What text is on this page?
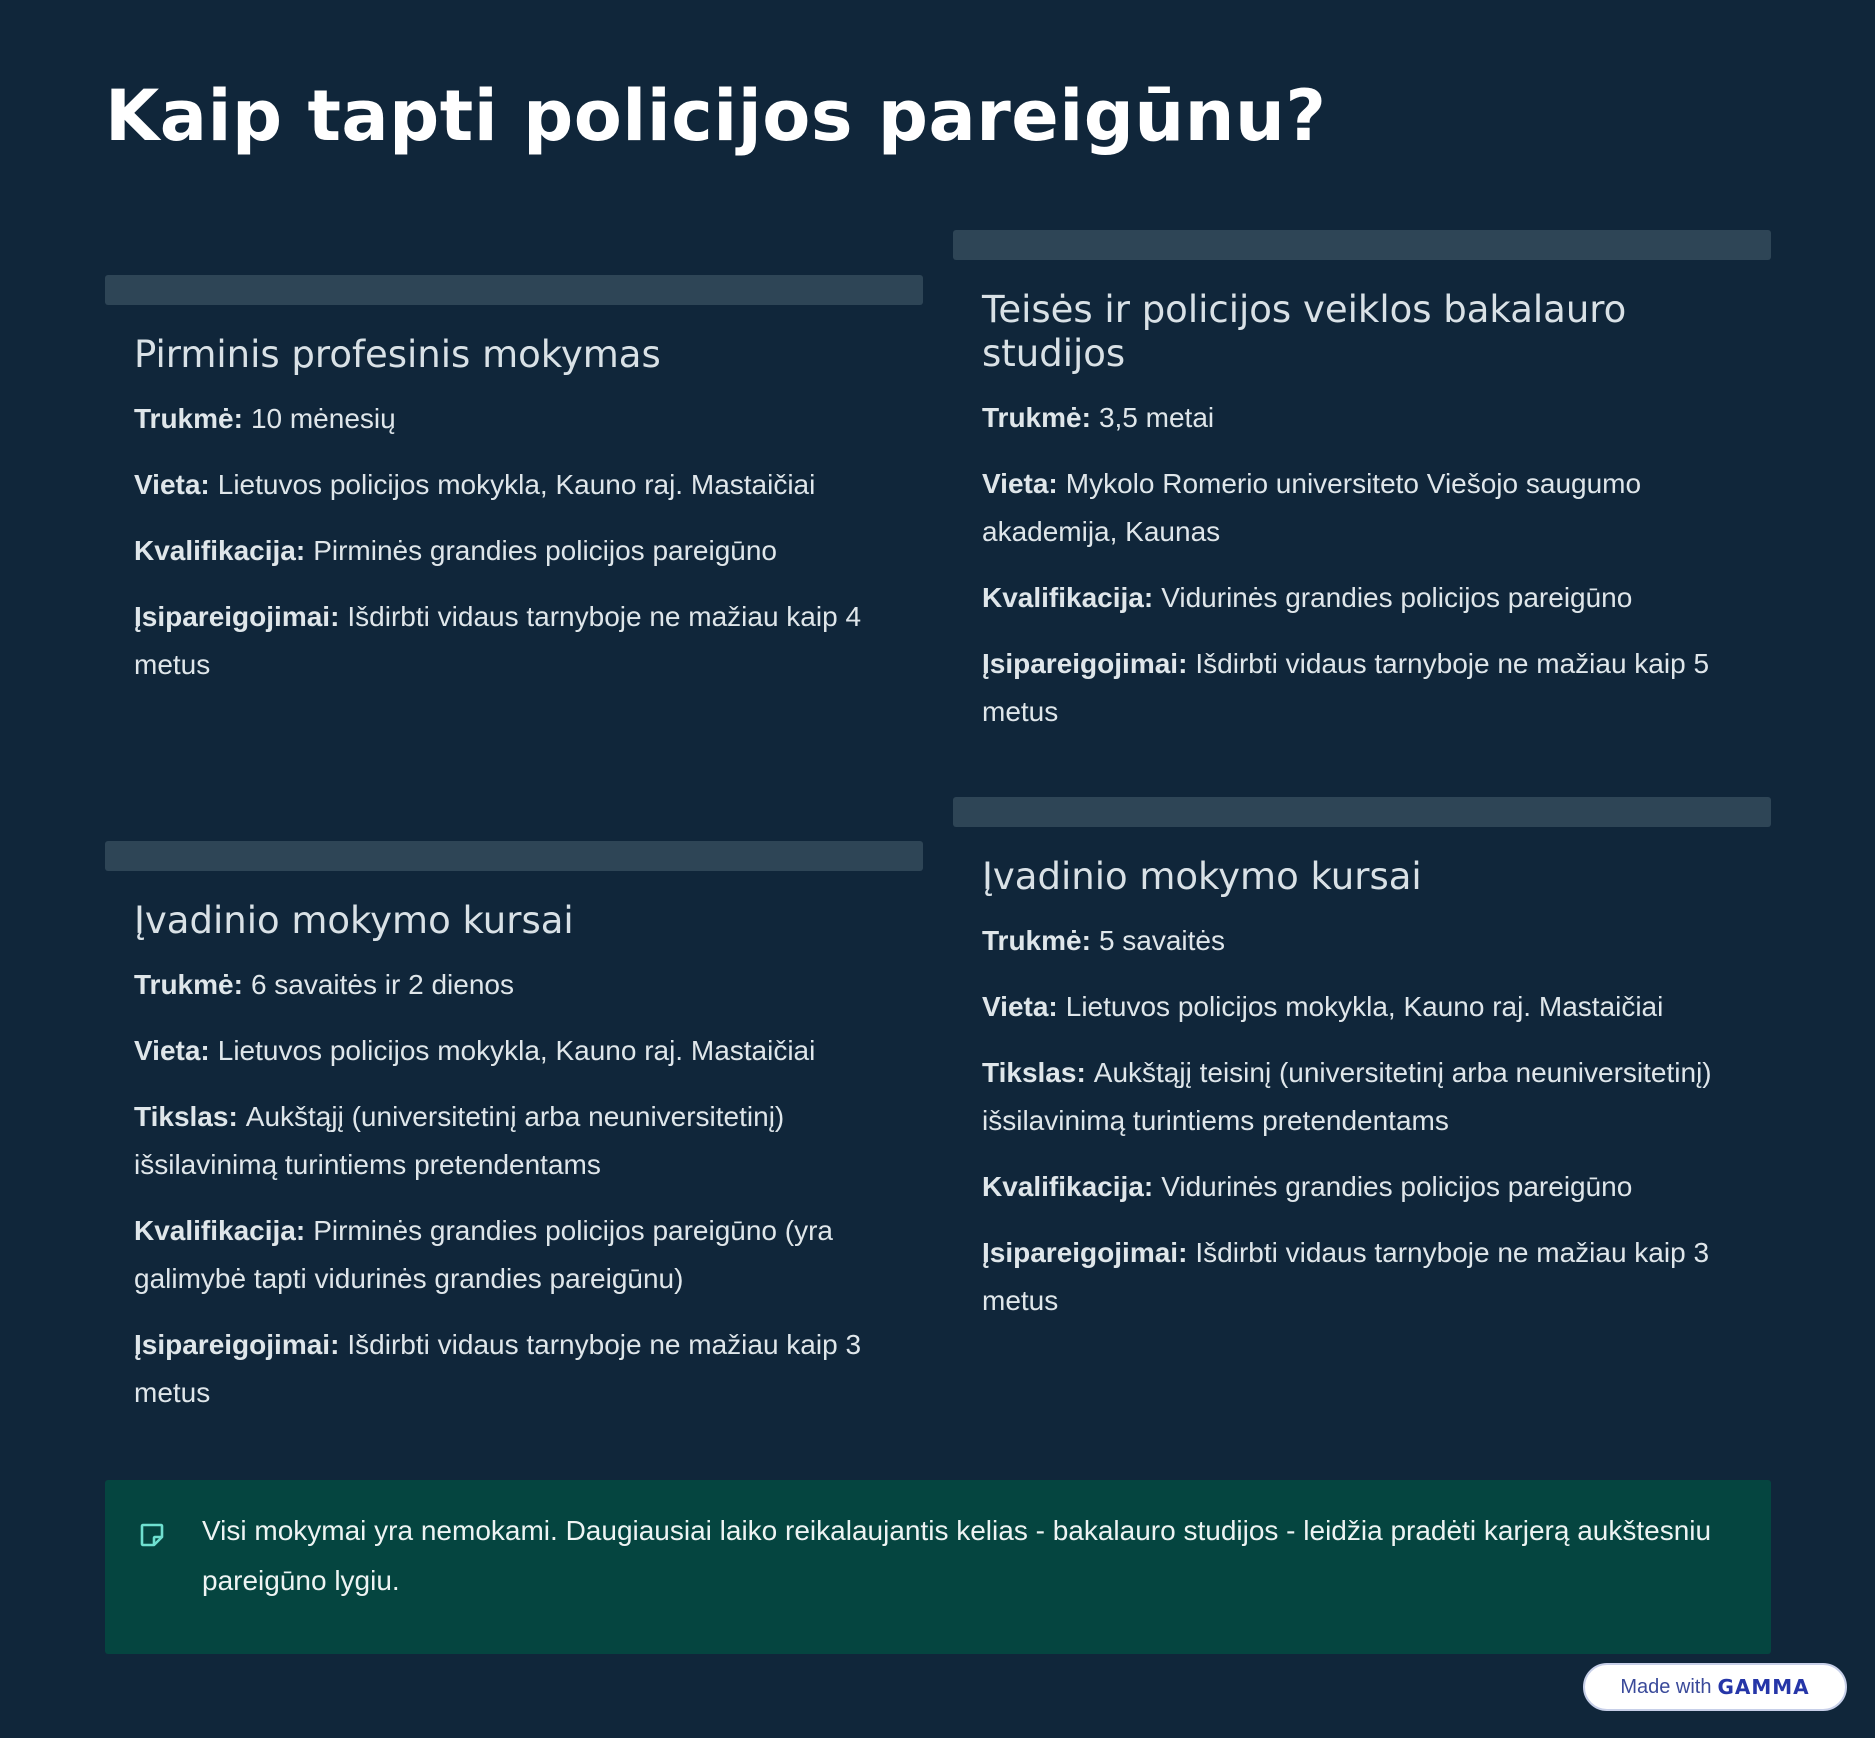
Kaip tapti policijos pareigūnu?
Pirminis profesinis mokymas

Trukmė: 10 mėnesių

Vieta: Lietuvos policijos mokykla, Kauno raj. Mastaičiai

Kvalifikacija: Pirminės grandies policijos pareigūno

Įsipareigojimai: Išdirbti vidaus tarnyboje ne mažiau kaip 4 metus

Teisės ir policijos veiklos bakalauro studijos

Trukmė: 3,5 metai

Vieta: Mykolo Romerio universiteto Viešojo saugumo akademija, Kaunas

Kvalifikacija: Vidurinės grandies policijos pareigūno

Įsipareigojimai: Išdirbti vidaus tarnyboje ne mažiau kaip 5 metus

Įvadinio mokymo kursai

Trukmė: 6 savaitės ir 2 dienos

Vieta: Lietuvos policijos mokykla, Kauno raj. Mastaičiai

Tikslas: Aukštąjį (universitetinį arba neuniversitetinį) išsilavinimą turintiems pretendentams

Kvalifikacija: Pirminės grandies policijos pareigūno (yra galimybė tapti vidurinės grandies pareigūnu)

Įsipareigojimai: Išdirbti vidaus tarnyboje ne mažiau kaip 3 metus

Įvadinio mokymo kursai

Trukmė: 5 savaitės

Vieta: Lietuvos policijos mokykla, Kauno raj. Mastaičiai

Tikslas: Aukštąjį teisinį (universitetinį arba neuniversitetinį) išsilavinimą turintiems pretendentams

Kvalifikacija: Vidurinės grandies policijos pareigūno

Įsipareigojimai: Išdirbti vidaus tarnyboje ne mažiau kaip 3 metus

Visi mokymai yra nemokami. Daugiausiai laiko reikalaujantis kelias - bakalauro studijos - leidžia pradėti karjerą aukštesniu pareigūno lygiu.

Made with GAMMA
